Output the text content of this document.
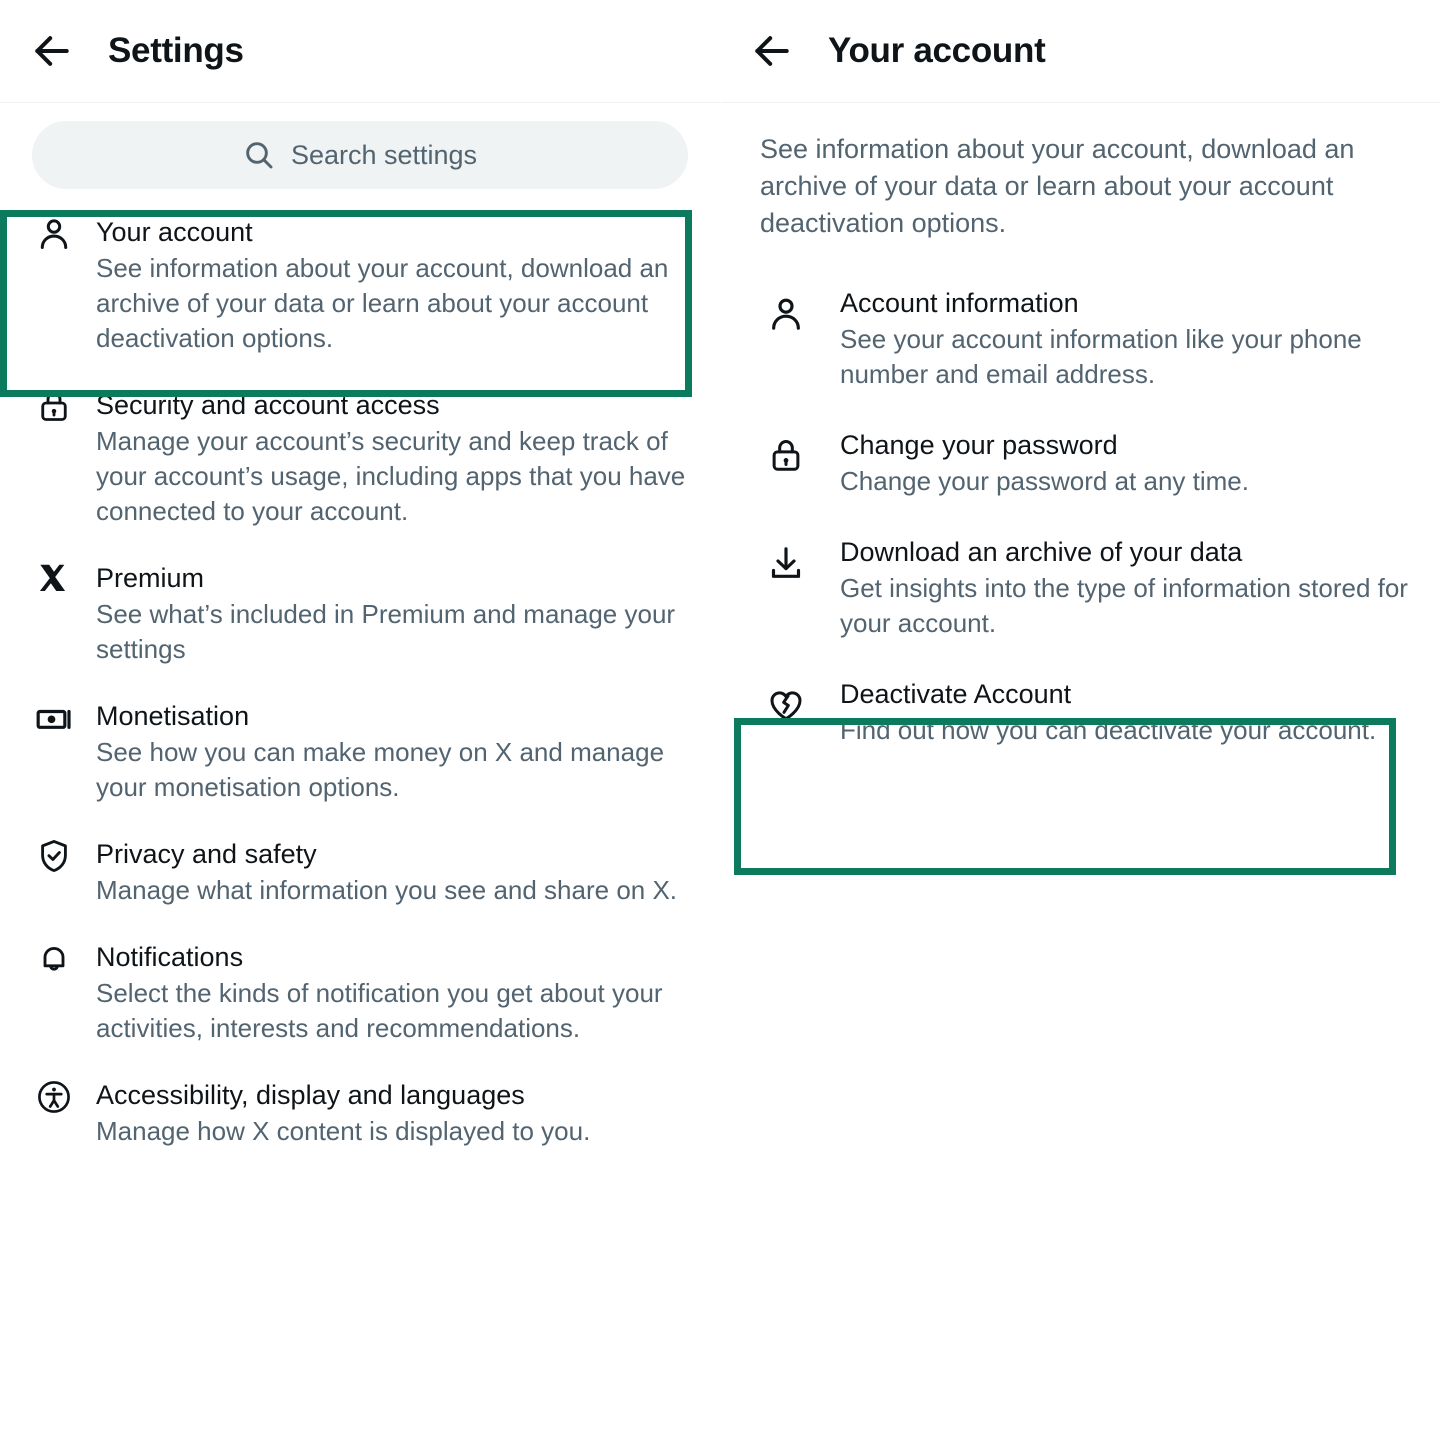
Settings
Search settings
Your account
See information about your account, download an archive of your data or learn about your account deactivation options.
Security and account access
Manage your account’s security and keep track of your account’s usage, including apps that you have connected to your account.
Premium
See what’s included in Premium and manage your settings
Monetisation
See how you can make money on X and manage your monetisation options.
Privacy and safety
Manage what information you see and share on X.
Notifications
Select the kinds of notification you get about your activities, interests and recommendations.
Accessibility, display and languages
Manage how X content is displayed to you.
Your account
See information about your account, download an archive of your data or learn about your account deactivation options.
Account information
See your account information like your phone number and email address.
Change your password
Change your password at any time.
Download an archive of your data
Get insights into the type of information stored for your account.
Deactivate Account
Find out how you can deactivate your account.
